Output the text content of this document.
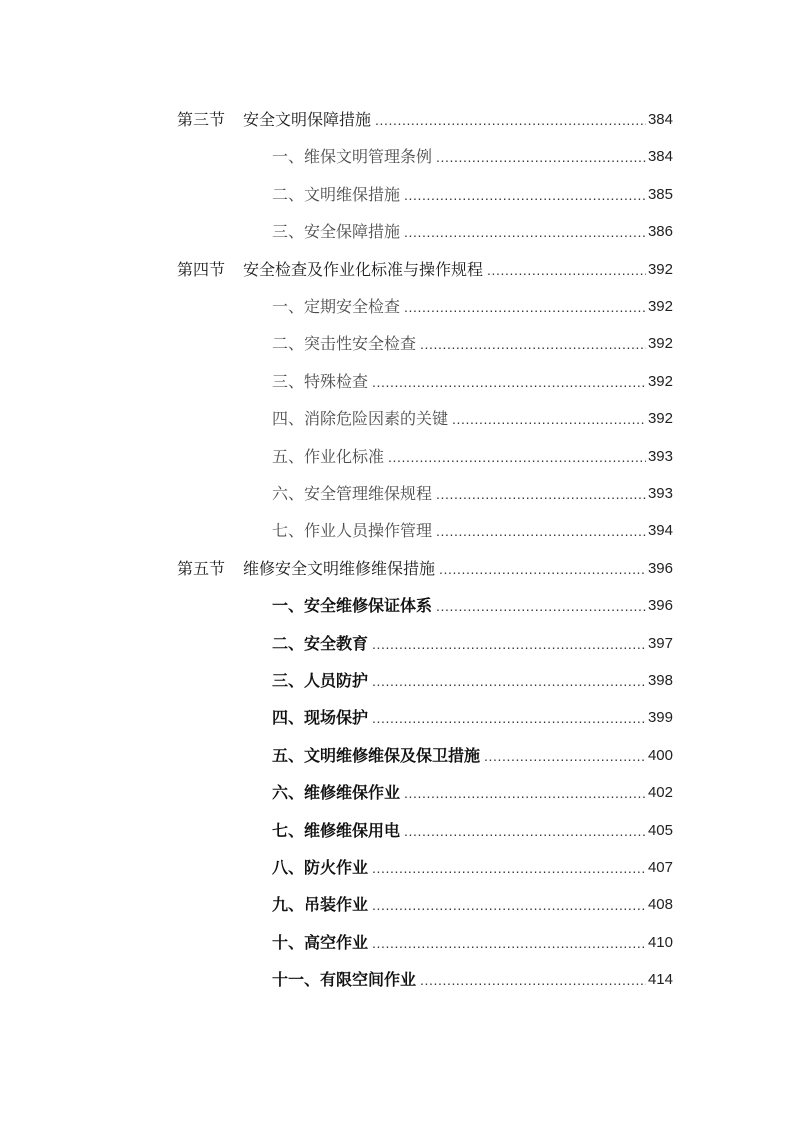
第三节 安全文明保障措施 .....	384
一、维保文明管理条例 .....	384
二、文明维保措施 .....	385
三、安全保障措施 .....	386
第四节 安全检查及作业化标准与操作规程 .....	392
一、定期安全检查 .....	392
二、突击性安全检查 .....	392
三、特殊检查 .....	392
四、消除危险因素的关键 .....	392
五、作业化标准 .....	393
六、安全管理维保规程 .....	393
七、作业人员操作管理 .....	394
第五节 维修安全文明维修维保措施 .....	396
一、安全维修保证体系 .....	396
二、安全教育 .....	397
三、人员防护 .....	398
四、现场保护 .....	399
五、文明维修维保及保卫措施 .....	400
六、维修维保作业 .....	402
七、维修维保用电 .....	405
八、防火作业 .....	407
九、吊装作业 .....	408
十、高空作业 .....	410
十一、有限空间作业 .....	414
